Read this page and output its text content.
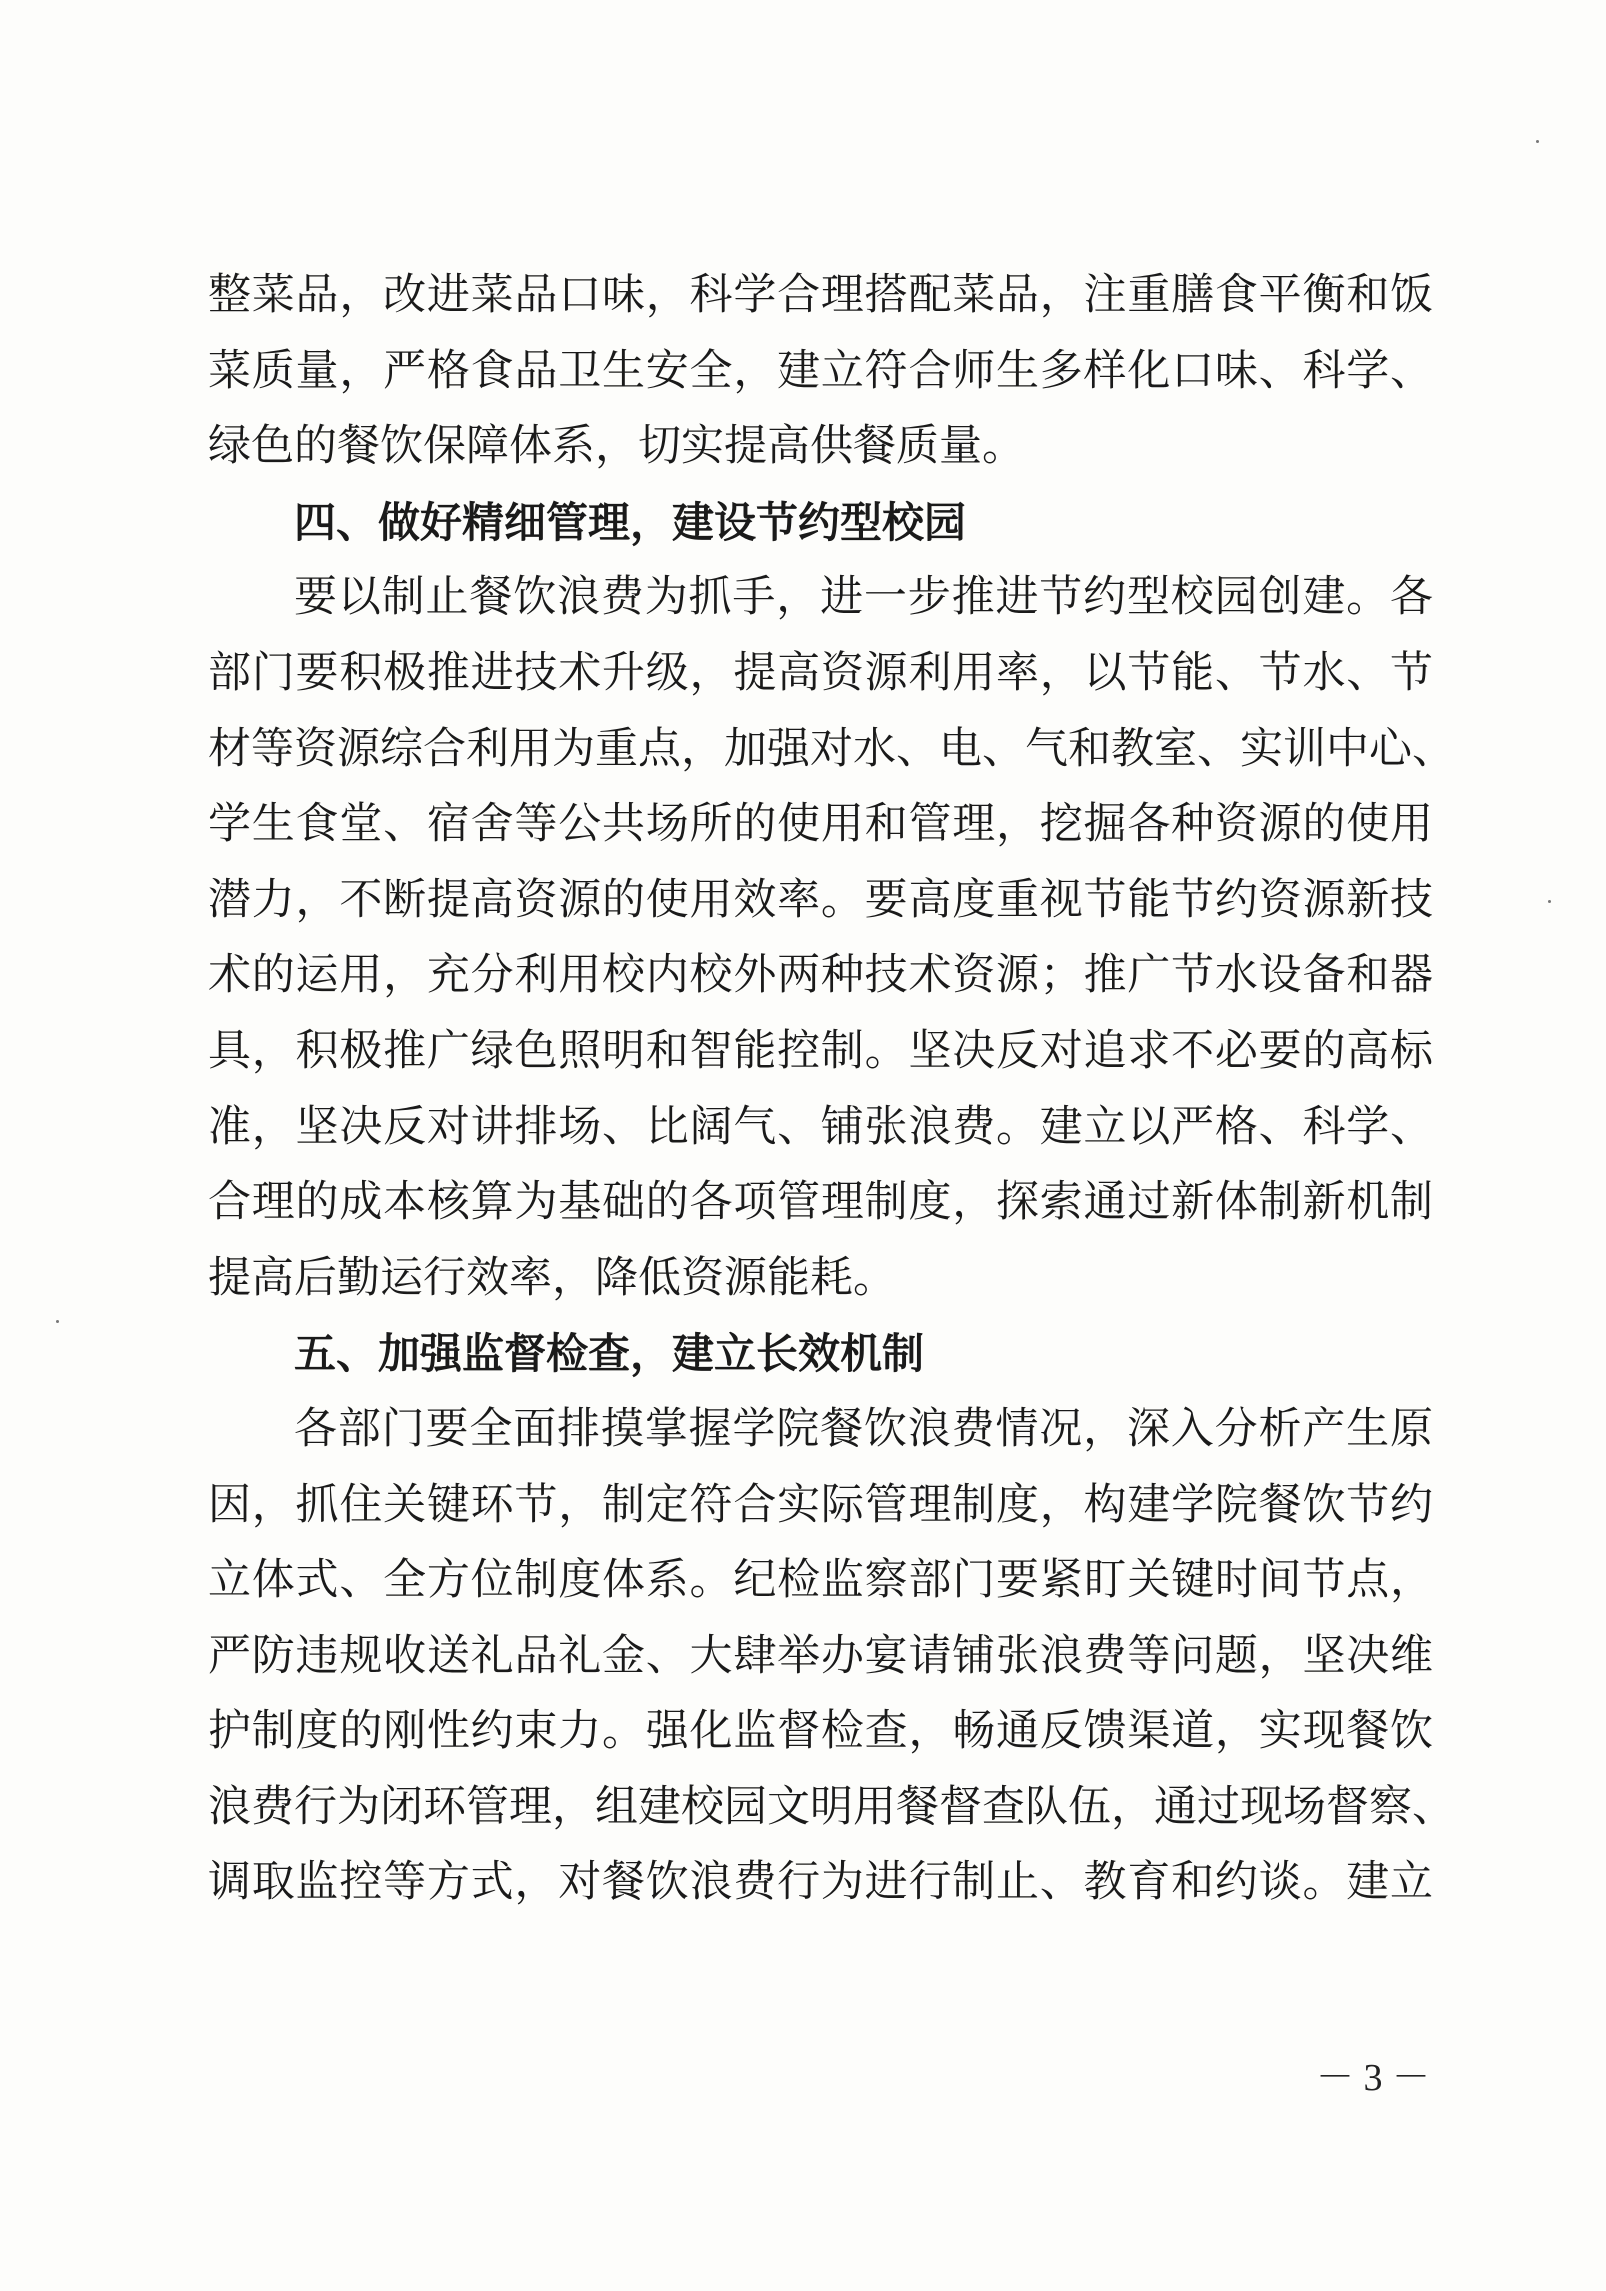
整菜品，改进菜品口味，科学合理搭配菜品，注重膳食平衡和饭
菜质量，严格食品卫生安全，建立符合师生多样化口味、科学、
绿色的餐饮保障体系，切实提高供餐质量。
四、做好精细管理，建设节约型校园
要以制止餐饮浪费为抓手，进一步推进节约型校园创建。各
部门要积极推进技术升级，提高资源利用率，以节能、节水、节
材等资源综合利用为重点，加强对水、电、气和教室、实训中心、
学生食堂、宿舍等公共场所的使用和管理，挖掘各种资源的使用
潜力，不断提高资源的使用效率。要高度重视节能节约资源新技
术的运用，充分利用校内校外两种技术资源；推广节水设备和器
具，积极推广绿色照明和智能控制。坚决反对追求不必要的高标
准，坚决反对讲排场、比阔气、铺张浪费。建立以严格、科学、
合理的成本核算为基础的各项管理制度，探索通过新体制新机制
提高后勤运行效率，降低资源能耗。
五、加强监督检查，建立长效机制
各部门要全面排摸掌握学院餐饮浪费情况，深入分析产生原
因，抓住关键环节，制定符合实际管理制度，构建学院餐饮节约
立体式、全方位制度体系。纪检监察部门要紧盯关键时间节点，
严防违规收送礼品礼金、大肆举办宴请铺张浪费等问题，坚决维
护制度的刚性约束力。强化监督检查，畅通反馈渠道，实现餐饮
浪费行为闭环管理，组建校园文明用餐督查队伍，通过现场督察、
调取监控等方式，对餐饮浪费行为进行制止、教育和约谈。建立
－ 3 －
